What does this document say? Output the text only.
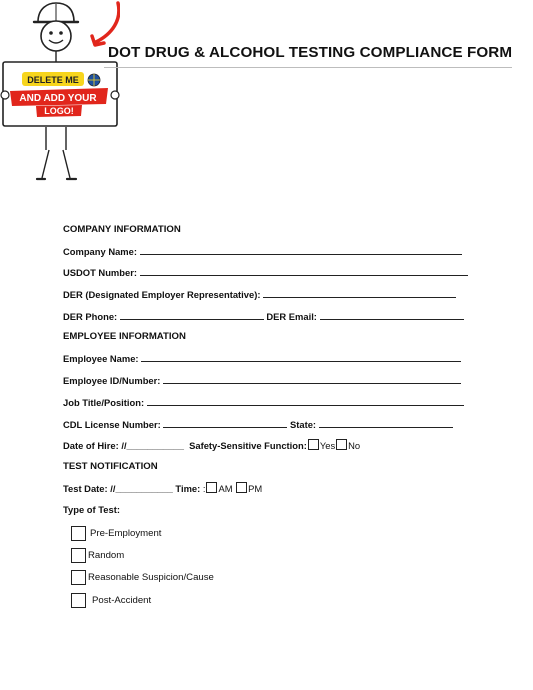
DELETE ME
AND ADD YOUR
LOGO!
DOT DRUG & ALCOHOL TESTING COMPLIANCE FORM
COMPANY INFORMATION
Company Name:
USDOT Number:
DER (Designated Employer Representative):
DER Phone:	DER Email:
EMPLOYEE INFORMATION
Employee Name:
Employee ID/Number:
Job Title/Position:
CDL License Number:	State:
Date of Hire: //___________ Safety-Sensitive Function: Yes No
TEST NOTIFICATION
Test Date: //___________ Time: : AM PM
Type of Test:
Pre-Employment
Random
Reasonable Suspicion/Cause
Post-Accident
